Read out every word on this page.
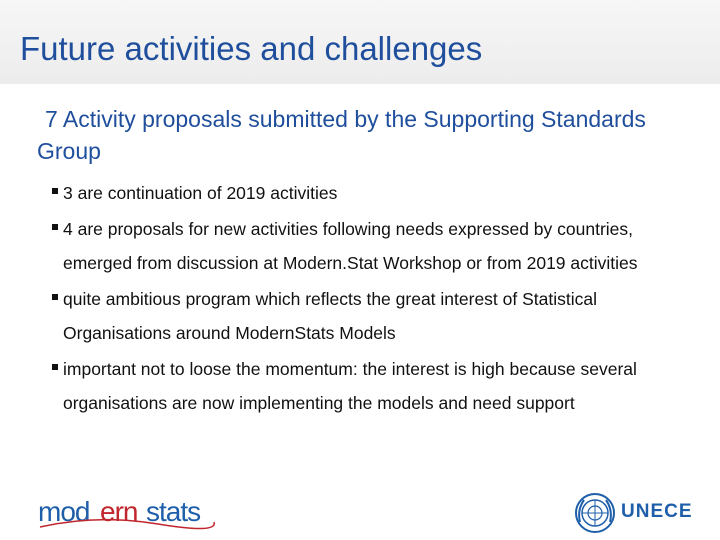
Future activities and challenges
7 Activity proposals submitted by the Supporting Standards Group
3 are continuation of 2019 activities
4 are proposals for new activities following needs expressed by countries, emerged from discussion at Modern.Stat Workshop or from 2019 activities
quite ambitious program which reflects the great interest of Statistical Organisations around ModernStats Models
important not to loose the momentum: the interest is high because several organisations are now implementing the models and need support
mod ern stats	UNECE
